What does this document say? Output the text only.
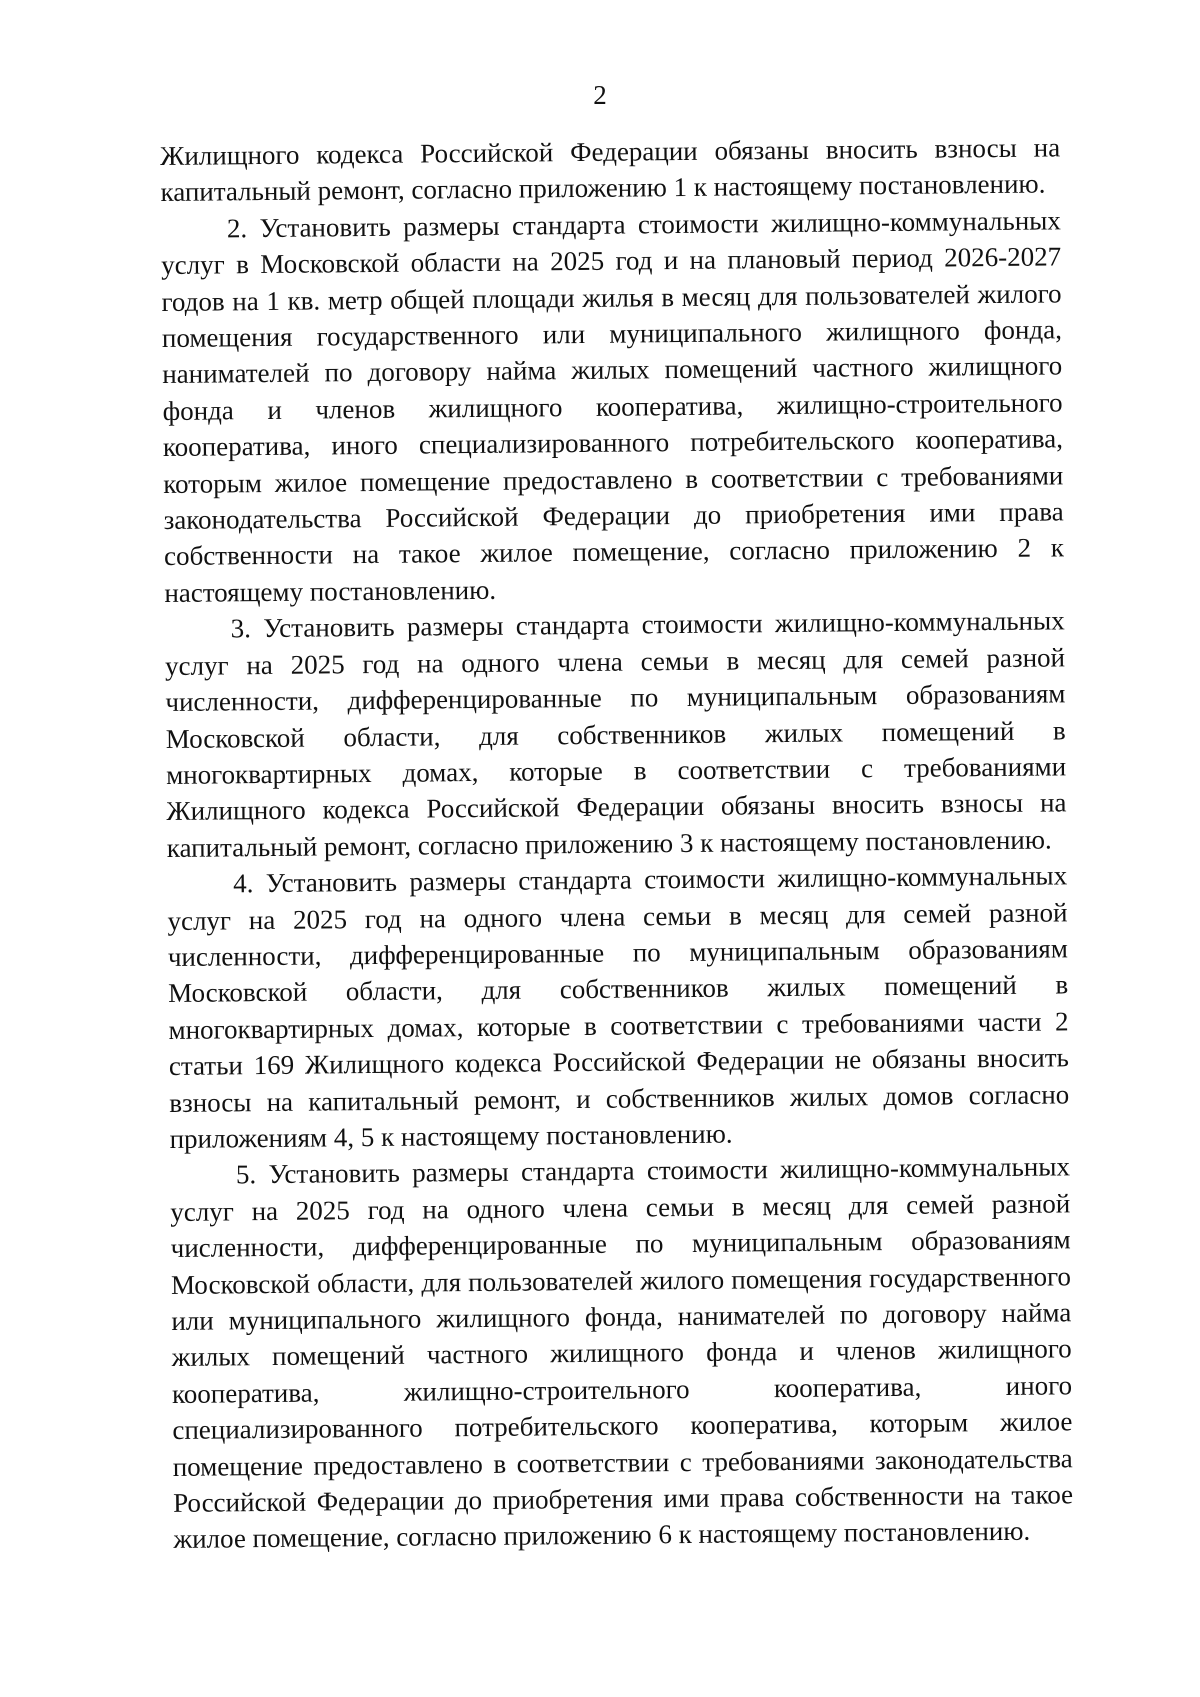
2

Жилищного кодекса Российской Федерации обязаны вносить взносы на капитальный ремонт, согласно приложению 1 к настоящему постановлению.

2. Установить размеры стандарта стоимости жилищно-коммунальных услуг в Московской области на 2025 год и на плановый период 2026-2027 годов на 1 кв. метр общей площади жилья в месяц для пользователей жилого помещения государственного или муниципального жилищного фонда, нанимателей по договору найма жилых помещений частного жилищного фонда и членов жилищного кооператива, жилищно-строительного кооператива, иного специализированного потребительского кооператива, которым жилое помещение предоставлено в соответствии с требованиями законодательства Российской Федерации до приобретения ими права собственности на такое жилое помещение, согласно приложению 2 к настоящему постановлению.

3. Установить размеры стандарта стоимости жилищно-коммунальных услуг на 2025 год на одного члена семьи в месяц для семей разной численности, дифференцированные по муниципальным образованиям Московской области, для собственников жилых помещений в многоквартирных домах, которые в соответствии с требованиями Жилищного кодекса Российской Федерации обязаны вносить взносы на капитальный ремонт, согласно приложению 3 к настоящему постановлению.

4. Установить размеры стандарта стоимости жилищно-коммунальных услуг на 2025 год на одного члена семьи в месяц для семей разной численности, дифференцированные по муниципальным образованиям Московской области, для собственников жилых помещений в многоквартирных домах, которые в соответствии с требованиями части 2 статьи 169 Жилищного кодекса Российской Федерации не обязаны вносить взносы на капитальный ремонт, и собственников жилых домов согласно приложениям 4, 5 к настоящему постановлению.

5. Установить размеры стандарта стоимости жилищно-коммунальных услуг на 2025 год на одного члена семьи в месяц для семей разной численности, дифференцированные по муниципальным образованиям Московской области, для пользователей жилого помещения государственного или муниципального жилищного фонда, нанимателей по договору найма жилых помещений частного жилищного фонда и членов жилищного кооператива, жилищно-строительного кооператива, иного специализированного потребительского кооператива, которым жилое помещение предоставлено в соответствии с требованиями законодательства Российской Федерации до приобретения ими права собственности на такое жилое помещение, согласно приложению 6 к настоящему постановлению.
